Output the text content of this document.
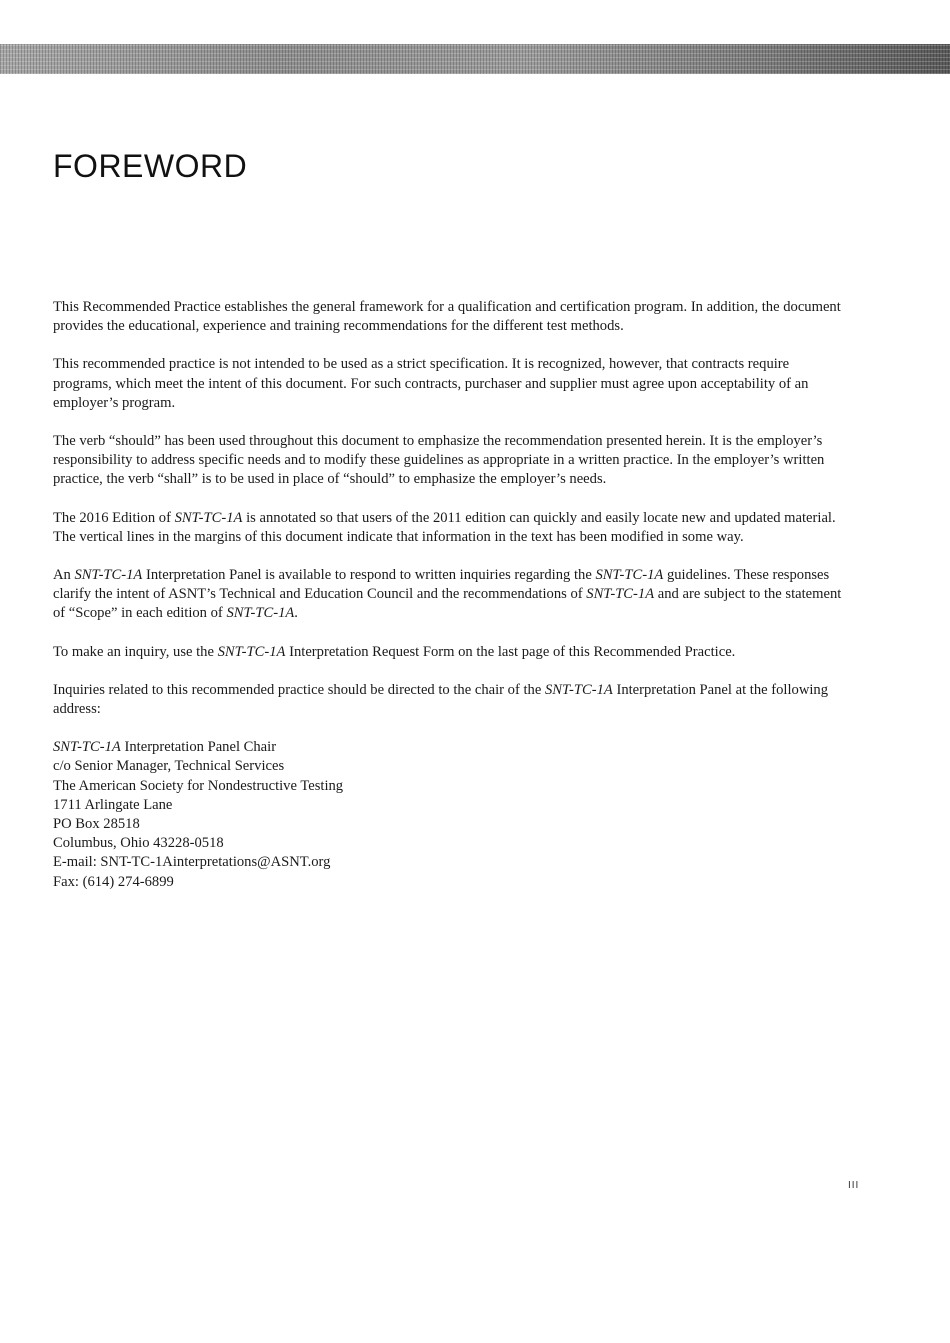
FOREWORD

This Recommended Practice establishes the general framework for a qualification and certification program. In addition, the document provides the educational, experience and training recommendations for the different test methods.

This recommended practice is not intended to be used as a strict specification. It is recognized, however, that contracts require programs, which meet the intent of this document. For such contracts, purchaser and supplier must agree upon acceptability of an employer’s program.

The verb “should” has been used throughout this document to emphasize the recommendation presented herein. It is the employer’s responsibility to address specific needs and to modify these guidelines as appropriate in a written practice. In the employer’s written practice, the verb “shall” is to be used in place of “should” to emphasize the employer’s needs.

The 2016 Edition of SNT-TC-1A is annotated so that users of the 2011 edition can quickly and easily locate new and updated material. The vertical lines in the margins of this document indicate that information in the text has been modified in some way.

An SNT-TC-1A Interpretation Panel is available to respond to written inquiries regarding the SNT-TC-1A guidelines. These responses clarify the intent of ASNT’s Technical and Education Council and the recommendations of SNT-TC-1A and are subject to the statement of “Scope” in each edition of SNT-TC-1A.

To make an inquiry, use the SNT-TC-1A Interpretation Request Form on the last page of this Recommended Practice.

Inquiries related to this recommended practice should be directed to the chair of the SNT-TC-1A Interpretation Panel at the following address:

SNT-TC-1A Interpretation Panel Chair
c/o Senior Manager, Technical Services
The American Society for Nondestructive Testing
1711 Arlingate Lane
PO Box 28518
Columbus, Ohio 43228-0518
E-mail: SNT-TC-1Ainterpretations@ASNT.org
Fax: (614) 274-6899
III
